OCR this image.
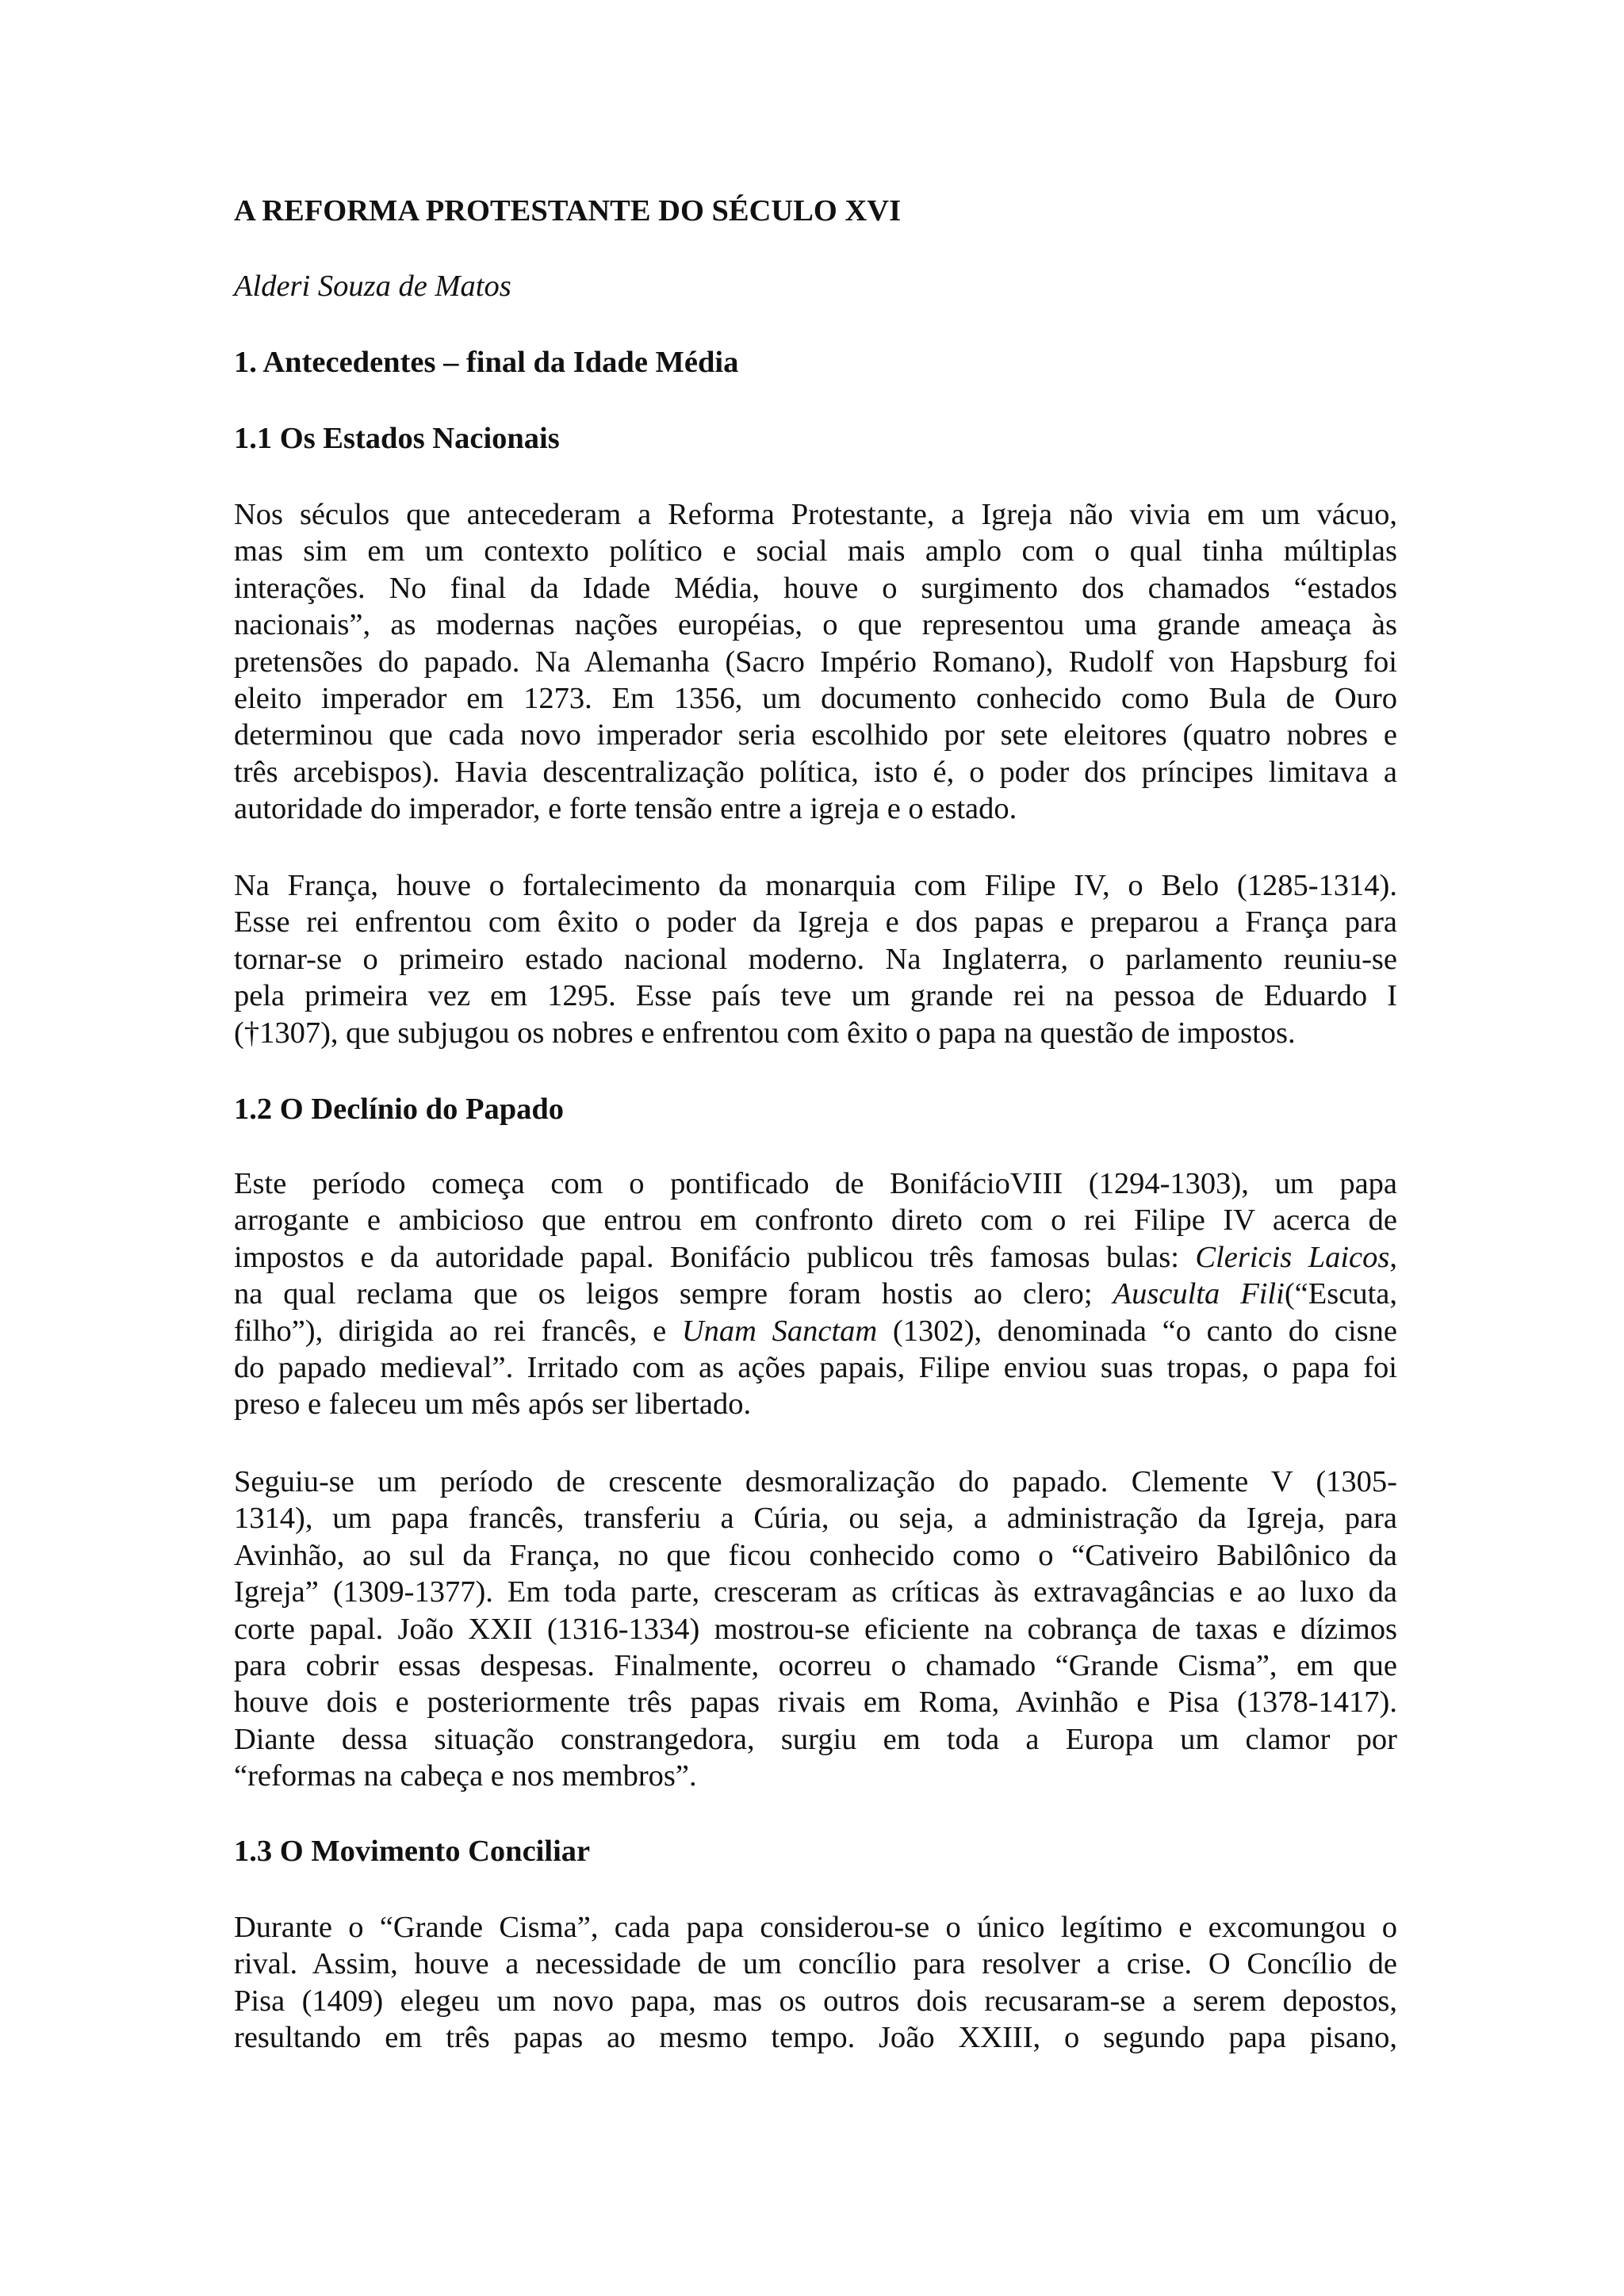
A REFORMA PROTESTANTE DO SÉCULO XVI
Alderi Souza de Matos
1. Antecedentes – final da Idade Média
1.1 Os Estados Nacionais
Nos séculos que antecederam a Reforma Protestante, a Igreja não vivia em um vácuo,
mas sim em um contexto político e social mais amplo com o qual tinha múltiplas
interações. No final da Idade Média, houve o surgimento dos chamados “estados
nacionais”, as modernas nações européias, o que representou uma grande ameaça às
pretensões do papado. Na Alemanha (Sacro Império Romano), Rudolf von Hapsburg foi
eleito imperador em 1273. Em 1356, um documento conhecido como Bula de Ouro
determinou que cada novo imperador seria escolhido por sete eleitores (quatro nobres e
três arcebispos). Havia descentralização política, isto é, o poder dos príncipes limitava a
autoridade do imperador, e forte tensão entre a igreja e o estado.
Na França, houve o fortalecimento da monarquia com Filipe IV, o Belo (1285-1314).
Esse rei enfrentou com êxito o poder da Igreja e dos papas e preparou a França para
tornar-se o primeiro estado nacional moderno. Na Inglaterra, o parlamento reuniu-se
pela primeira vez em 1295. Esse país teve um grande rei na pessoa de Eduardo I
(†1307), que subjugou os nobres e enfrentou com êxito o papa na questão de impostos.
1.2 O Declínio do Papado
Este período começa com o pontificado de BonifácioVIII (1294-1303), um papa
arrogante e ambicioso que entrou em confronto direto com o rei Filipe IV acerca de
impostos e da autoridade papal. Bonifácio publicou três famosas bulas: Clericis Laicos,
na qual reclama que os leigos sempre foram hostis ao clero; Ausculta Fili(“Escuta,
filho”), dirigida ao rei francês, e Unam Sanctam (1302), denominada “o canto do cisne
do papado medieval”. Irritado com as ações papais, Filipe enviou suas tropas, o papa foi
preso e faleceu um mês após ser libertado.
Seguiu-se um período de crescente desmoralização do papado. Clemente V (1305-
1314), um papa francês, transferiu a Cúria, ou seja, a administração da Igreja, para
Avinhão, ao sul da França, no que ficou conhecido como o “Cativeiro Babilônico da
Igreja” (1309-1377). Em toda parte, cresceram as críticas às extravagâncias e ao luxo da
corte papal. João XXII (1316-1334) mostrou-se eficiente na cobrança de taxas e dízimos
para cobrir essas despesas. Finalmente, ocorreu o chamado “Grande Cisma”, em que
houve dois e posteriormente três papas rivais em Roma, Avinhão e Pisa (1378-1417).
Diante dessa situação constrangedora, surgiu em toda a Europa um clamor por
“reformas na cabeça e nos membros”.
1.3 O Movimento Conciliar
Durante o “Grande Cisma”, cada papa considerou-se o único legítimo e excomungou o
rival. Assim, houve a necessidade de um concílio para resolver a crise. O Concílio de
Pisa (1409) elegeu um novo papa, mas os outros dois recusaram-se a serem depostos,
resultando em três papas ao mesmo tempo. João XXIII, o segundo papa pisano,
